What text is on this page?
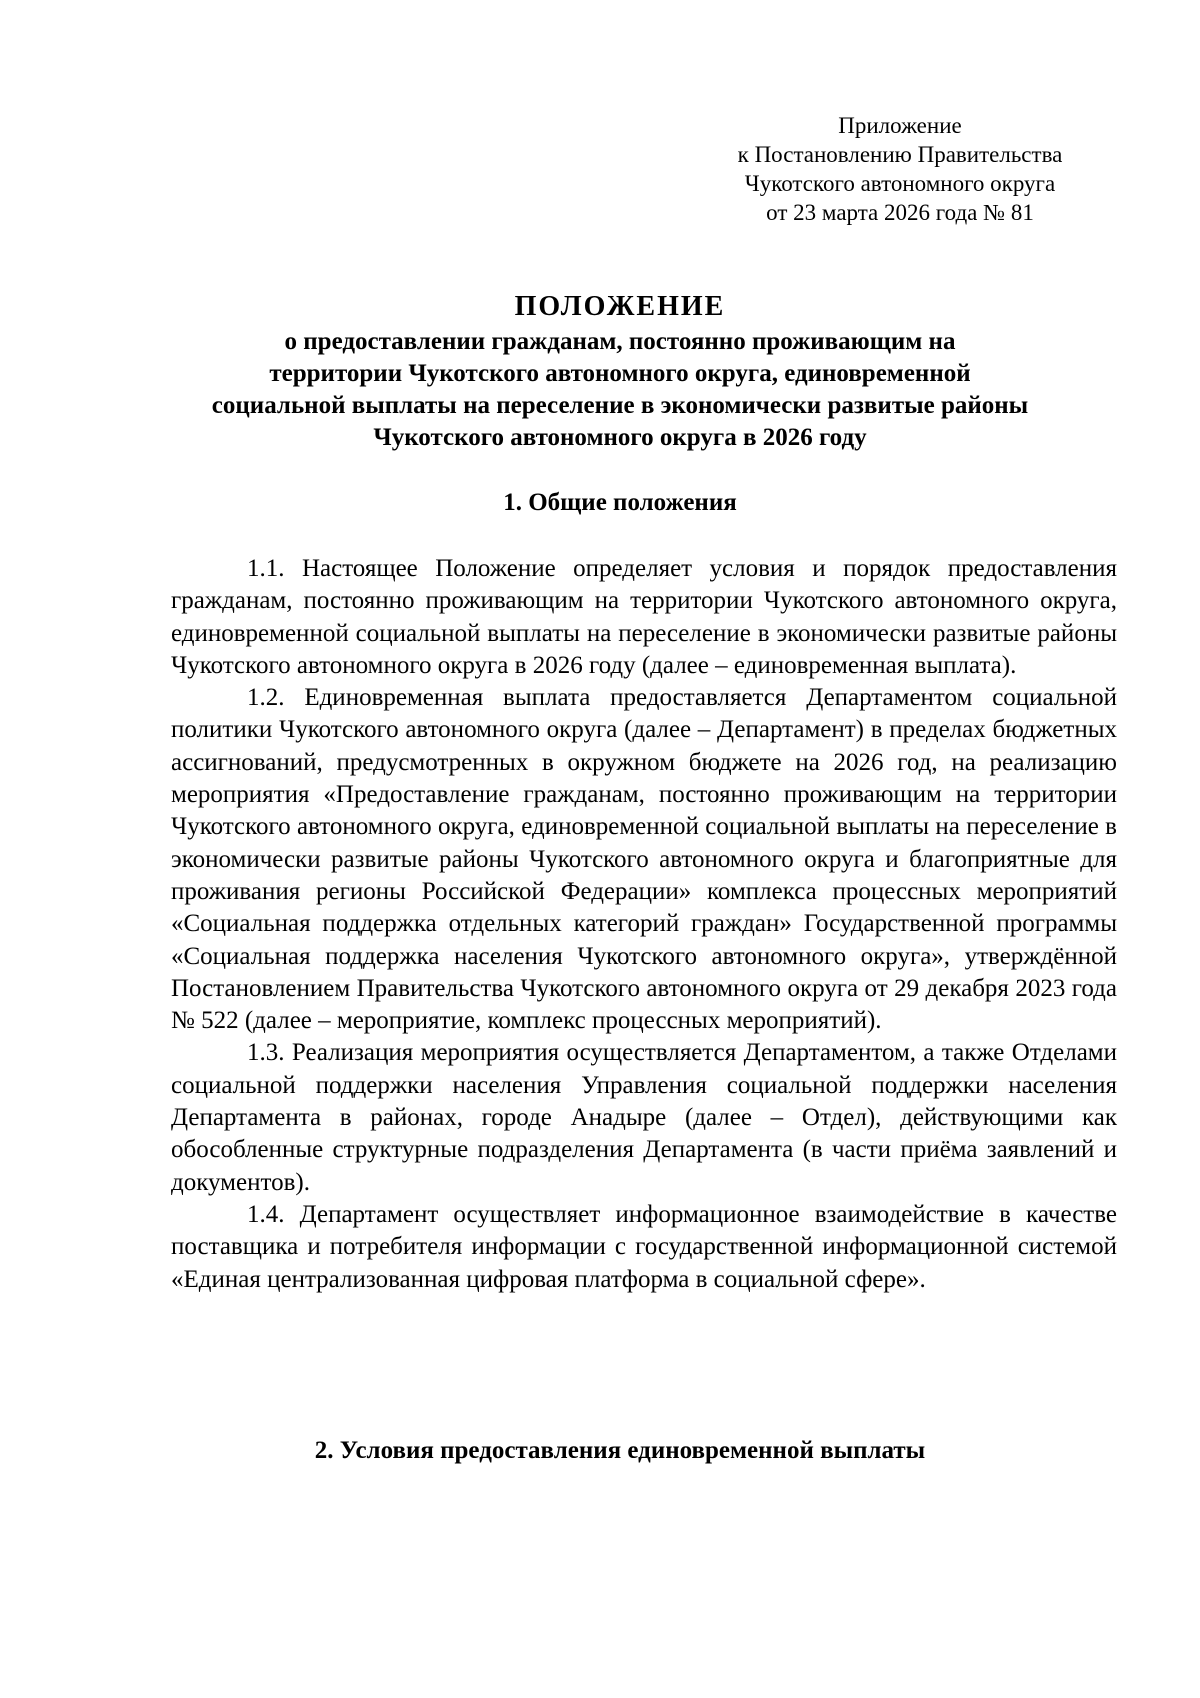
Приложение
к Постановлению Правительства
Чукотского автономного округа
от 23 марта 2026 года № 81
ПОЛОЖЕНИЕ
о предоставлении гражданам, постоянно проживающим на
территории Чукотского автономного округа, единовременной
социальной выплаты на переселение в экономически развитые районы
Чукотского автономного округа в 2026 году
1. Общие положения

1.1. Настоящее Положение определяет условия и порядок предоставления гражданам, постоянно проживающим на территории Чукотского автономного округа, единовременной социальной выплаты на переселение в экономически развитые районы Чукотского автономного округа в 2026 году (далее – единовременная выплата).

1.2. Единовременная выплата предоставляется Департаментом социальной политики Чукотского автономного округа (далее – Департамент) в пределах бюджетных ассигнований, предусмотренных в окружном бюджете на 2026 год, на реализацию мероприятия «Предоставление гражданам, постоянно проживающим на территории Чукотского автономного округа, единовременной социальной выплаты на переселение в экономически развитые районы Чукотского автономного округа и благоприятные для проживания регионы Российской Федерации» комплекса процессных мероприятий «Социальная поддержка отдельных категорий граждан» Государственной программы «Социальная поддержка населения Чукотского автономного округа», утверждённой Постановлением Правительства Чукотского автономного округа от 29 декабря 2023 года № 522 (далее – мероприятие, комплекс процессных мероприятий).

1.3. Реализация мероприятия осуществляется Департаментом, а также Отделами социальной поддержки населения Управления социальной поддержки населения Департамента в районах, городе Анадыре (далее – Отдел), действующими как обособленные структурные подразделения Департамента (в части приёма заявлений и документов).

1.4. Департамент осуществляет информационное взаимодействие в качестве поставщика и потребителя информации с государственной информационной системой «Единая централизованная цифровая платформа в социальной сфере».

2. Условия предоставления единовременной выплаты
